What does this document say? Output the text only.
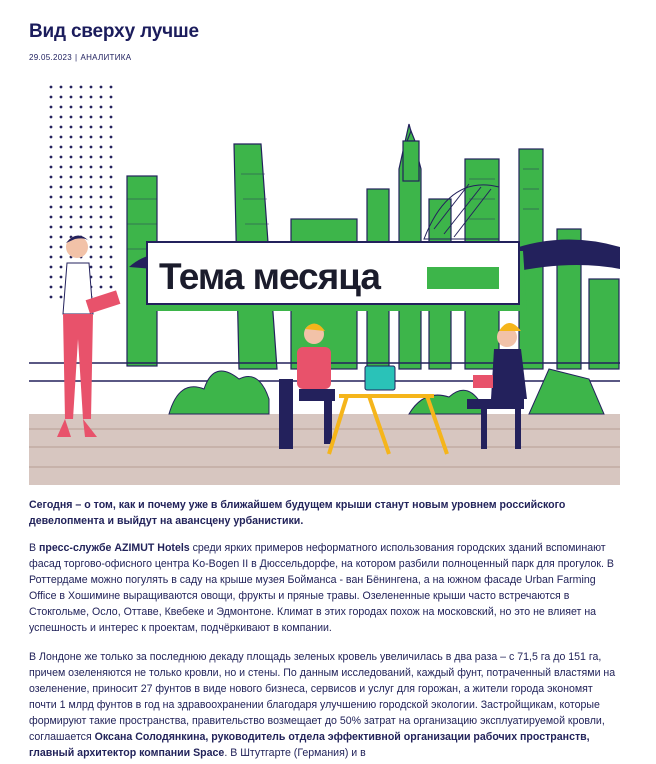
Вид сверху лучше
29.05.2023 | АНАЛИТИКА
Тема месяца

Сегодня – о том, как и почему уже в ближайшем будущем крыши станут новым уровнем российского девелопмента и выйдут на авансцену урбанистики.

В пресс-службе AZIMUT Hotels среди ярких примеров неформатного использования городских зданий вспоминают фасад торгово-офисного центра Ko-Bogen II в Дюссельдорфе, на котором разбили полноценный парк для прогулок. В Роттердаме можно погулять в саду на крыше музея Бойманса - ван Бёнингена, а на южном фасаде Urban Farming Office в Хошимине выращиваются овощи, фрукты и пряные травы. Озелененные крыши часто встречаются в Стокгольме, Осло, Оттаве, Квебеке и Эдмонтоне. Климат в этих городах похож на московский, но это не влияет на успешность и интерес к проектам, подчёркивают в компании.

В Лондоне же только за последнюю декаду площадь зеленых кровель увеличилась в два раза – с 71,5 га до 151 га, причем озеленяются не только кровли, но и стены. По данным исследований, каждый фунт, потраченный властями на озеленение, приносит 27 фунтов в виде нового бизнеса, сервисов и услуг для горожан, а жители города экономят почти 1 млрд фунтов в год на здравоохранении благодаря улучшению городской экологии. Застройщикам, которые формируют такие пространства, правительство возмещает до 50% затрат на организацию эксплуатируемой кровли, соглашается Оксана Солодянкина, руководитель отдела эффективной организации рабочих пространств, главный архитектор компании Space. В Штутгарте (Германия) и в
